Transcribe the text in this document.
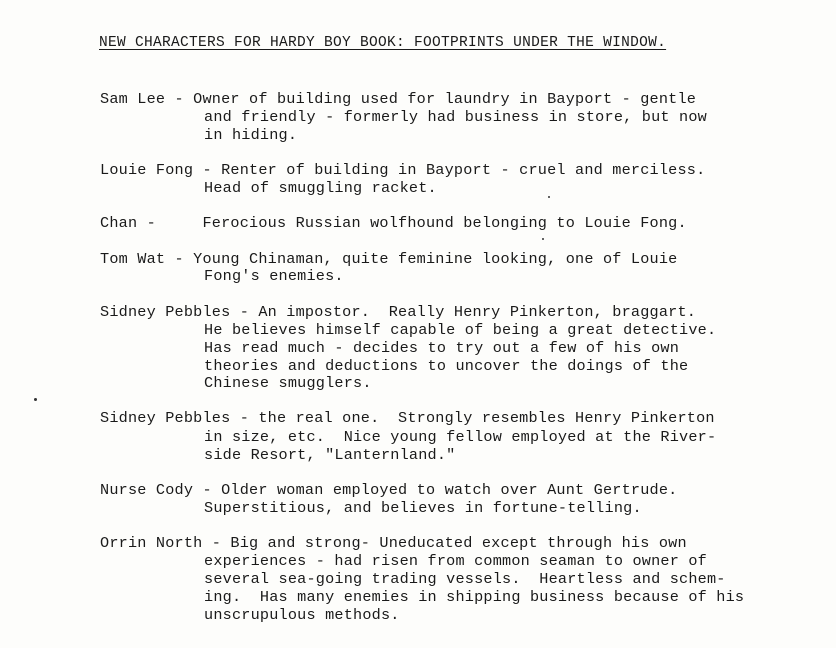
NEW CHARACTERS FOR HARDY BOY BOOK: FOOTPRINTS UNDER THE WINDOW.
Sam Lee - Owner of building used for laundry in Bayport - gentle
and friendly - formerly had business in store, but now
in hiding.
Louie Fong - Renter of building in Bayport - cruel and merciless.
Head of smuggling racket.
Chan -     Ferocious Russian wolfhound belonging to Louie Fong.
Tom Wat - Young Chinaman, quite feminine looking, one of Louie
Fong's enemies.
Sidney Pebbles - An impostor.  Really Henry Pinkerton, braggart.
He believes himself capable of being a great detective.
Has read much - decides to try out a few of his own
theories and deductions to uncover the doings of the
Chinese smugglers.
Sidney Pebbles - the real one.  Strongly resembles Henry Pinkerton
in size, etc.  Nice young fellow employed at the River-
side Resort, "Lanternland."
Nurse Cody - Older woman employed to watch over Aunt Gertrude.
Superstitious, and believes in fortune-telling.
Orrin North - Big and strong- Uneducated except through his own
experiences - had risen from common seaman to owner of
several sea-going trading vessels.  Heartless and schem-
ing.  Has many enemies in shipping business because of his
unscrupulous methods.
